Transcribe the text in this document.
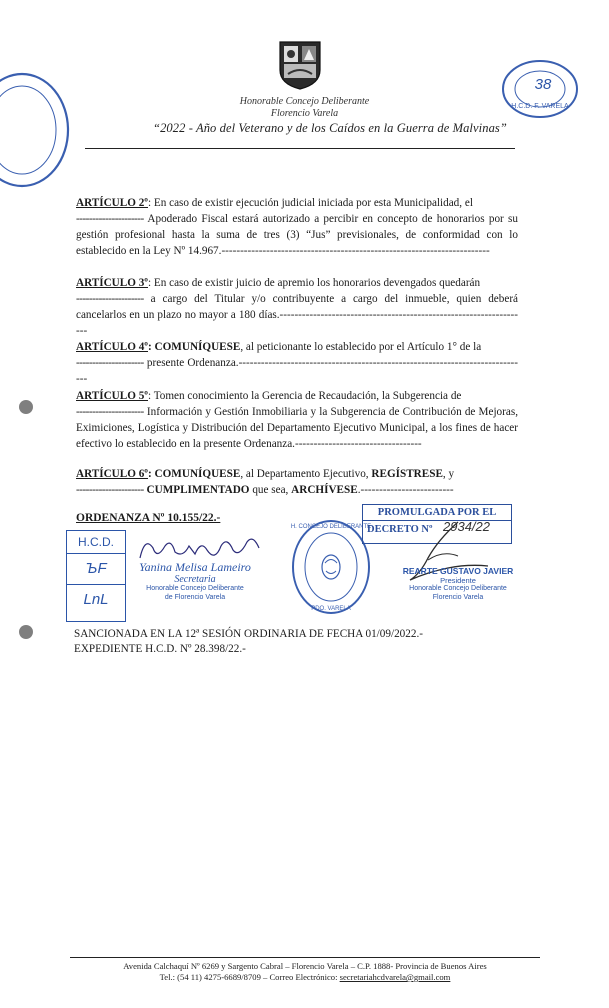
Honorable Concejo Deliberante
Florencio Varela
“2022 - Año del Veterano y de los Caídos en la Guerra de Malvinas”
H.C.D. F. VARELA
38
ARTÍCULO 2º: En caso de existir ejecución judicial iniciada por esta Municipalidad, el
--------------------- Apoderado Fiscal estará autorizado a percibir en concepto de honorarios por su gestión profesional hasta la suma de tres (3) “Jus” previsionales, de conformidad con lo establecido en la Ley Nº 14.967.------------------------------------------------------------------------
ARTÍCULO 3º: En caso de existir juicio de apremio los honorarios devengados quedarán
--------------------- a cargo del Titular y/o contribuyente a cargo del inmueble, quien deberá cancelarlos en un plazo no mayor a 180 días.-------------------------------------------------------------------
ARTÍCULO 4º: COMUNÍQUESE, al peticionante lo establecido por el Artículo 1° de la
--------------------- presente Ordenanza.------------------------------------------------------------------------------
ARTÍCULO 5º: Tomen conocimiento la Gerencia de Recaudación, la Subgerencia de
--------------------- Información y Gestión Inmobiliaria y la Subgerencia de Contribución de Mejoras, Eximiciones, Logística y Distribución del Departamento Ejecutivo Municipal, a los fines de hacer efectivo lo establecido en la presente Ordenanza.----------------------------------
ARTÍCULO 6º: COMUNÍQUESE, al Departamento Ejecutivo, REGÍSTRESE, y
--------------------- CUMPLIMENTADO que sea, ARCHÍVESE.-------------------------
ORDENANZA Nº 10.155/22.-
H.C.D.
ЪF
LnL
Yanina Melisa Lameiro
Secretaria
Honorable Concejo Deliberante
de Florencio Varela
H. CONCEJO DELIBERANTE
PDO. VARELA
PROMULGADA POR EL
DECRETO Nº 2934/22
REARTE GUSTAVO JAVIER
Presidente
Honorable Concejo Deliberante
Florencio Varela
SANCIONADA EN LA 12ª SESIÓN ORDINARIA DE FECHA 01/09/2022.-
EXPEDIENTE H.C.D. Nº 28.398/22.-
Avenida Calchaquí Nº 6269 y Sargento Cabral – Florencio Varela – C.P. 1888- Provincia de Buenos Aires
Tel.: (54 11) 4275-6689/8709 – Correo Electrónico: secretariahcdvarela@gmail.com
